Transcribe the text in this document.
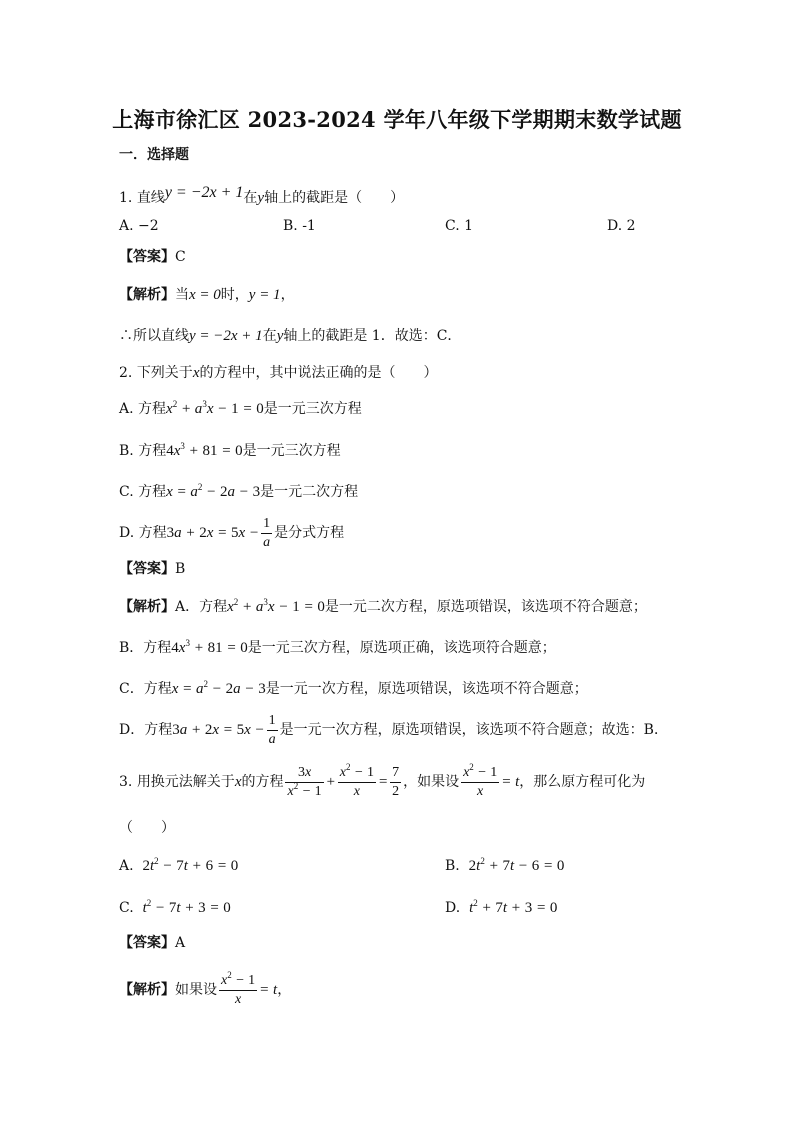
上海市徐汇区 2023-2024 学年八年级下学期期末数学试题
一．选择题
1. 直线y = −2x + 1在y轴上的截距是（　　）
A. −2	B. -1	C. 1	D. 2
【答案】C
【解析】当x = 0时，y = 1，
∴所以直线y = −2x + 1在y轴上的截距是 1．故选：C．
2. 下列关于x的方程中，其中说法正确的是（　　）
A. 方程$x^2 + a^3x - 1 = 0$是一元三次方程
B. 方程$4x^3 + 81 = 0$是一元三次方程
C. 方程$x = a^2 - 2a - 3$是一元二次方程
D. 方程$3a + 2x = 5x - \frac{1}{a}$ 是分式方程
【答案】B
【解析】A．方程$x^2 + a^3x - 1 = 0$是一元二次方程，原选项错误，该选项不符合题意；
B．方程$4x^3 + 81 = 0$是一元三次方程，原选项正确，该选项符合题意；
C．方程$x = a^2 - 2a - 3$是一元一次方程，原选项错误，该选项不符合题意；
D．方程$3a + 2x = 5x - \frac{1}{a}$ 是一元一次方程，原选项错误，该选项不符合题意；故选：B．
3. 用换元法解关于x的方程 $\frac{3x}{x^2 - 1} + \frac{x^2 - 1}{x} = \frac{7}{2}$ ，如果设 $\frac{x^2 - 1}{x} = t$，那么原方程可化为
（　　）
A. $2t^2 - 7t + 6 = 0$	B. $2t^2 + 7t - 6 = 0$
C. $t^2 - 7t + 3 = 0$	D. $t^2 + 7t + 3 = 0$
【答案】A
【解析】如果设 $\frac{x^2 - 1}{x} = t$，
